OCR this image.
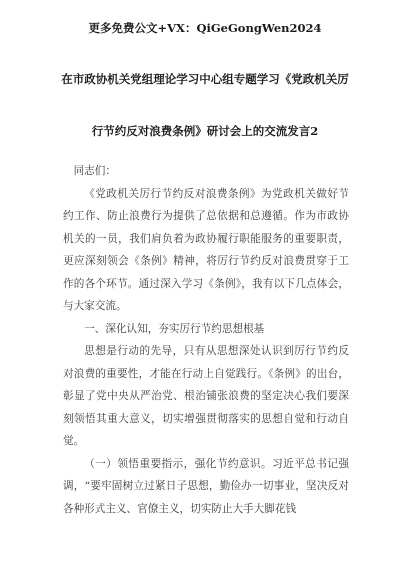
更多免费公文+VX：QiGeGongWen2024
在市政协机关党组理论学习中心组专题学习《党政机关厉
行节约反对浪费条例》研讨会上的交流发言2

同志们：

《党政机关厉行节约反对浪费条例》为党政机关做好节约工作、防止浪费行为提供了总依据和总遵循。作为市政协机关的一员，我们肩负着为政协履行职能服务的重要职责，更应深刻领会《条例》精神，将厉行节约反对浪费贯穿于工作的各个环节。通过深入学习《条例》，我有以下几点体会，与大家交流。

一、深化认知，夯实厉行节约思想根基

思想是行动的先导，只有从思想深处认识到厉行节约反对浪费的重要性，才能在行动上自觉践行。《条例》的出台，彰显了党中央从严治党、根治铺张浪费的坚定决心我们要深刻领悟其重大意义，切实增强贯彻落实的思想自觉和行动自觉。

（一）领悟重要指示，强化节约意识。习近平总书记强调，“要牢固树立过紧日子思想，勤俭办一切事业，坚决反对各种形式主义、官僚主义，切实防止大手大脚花钱
